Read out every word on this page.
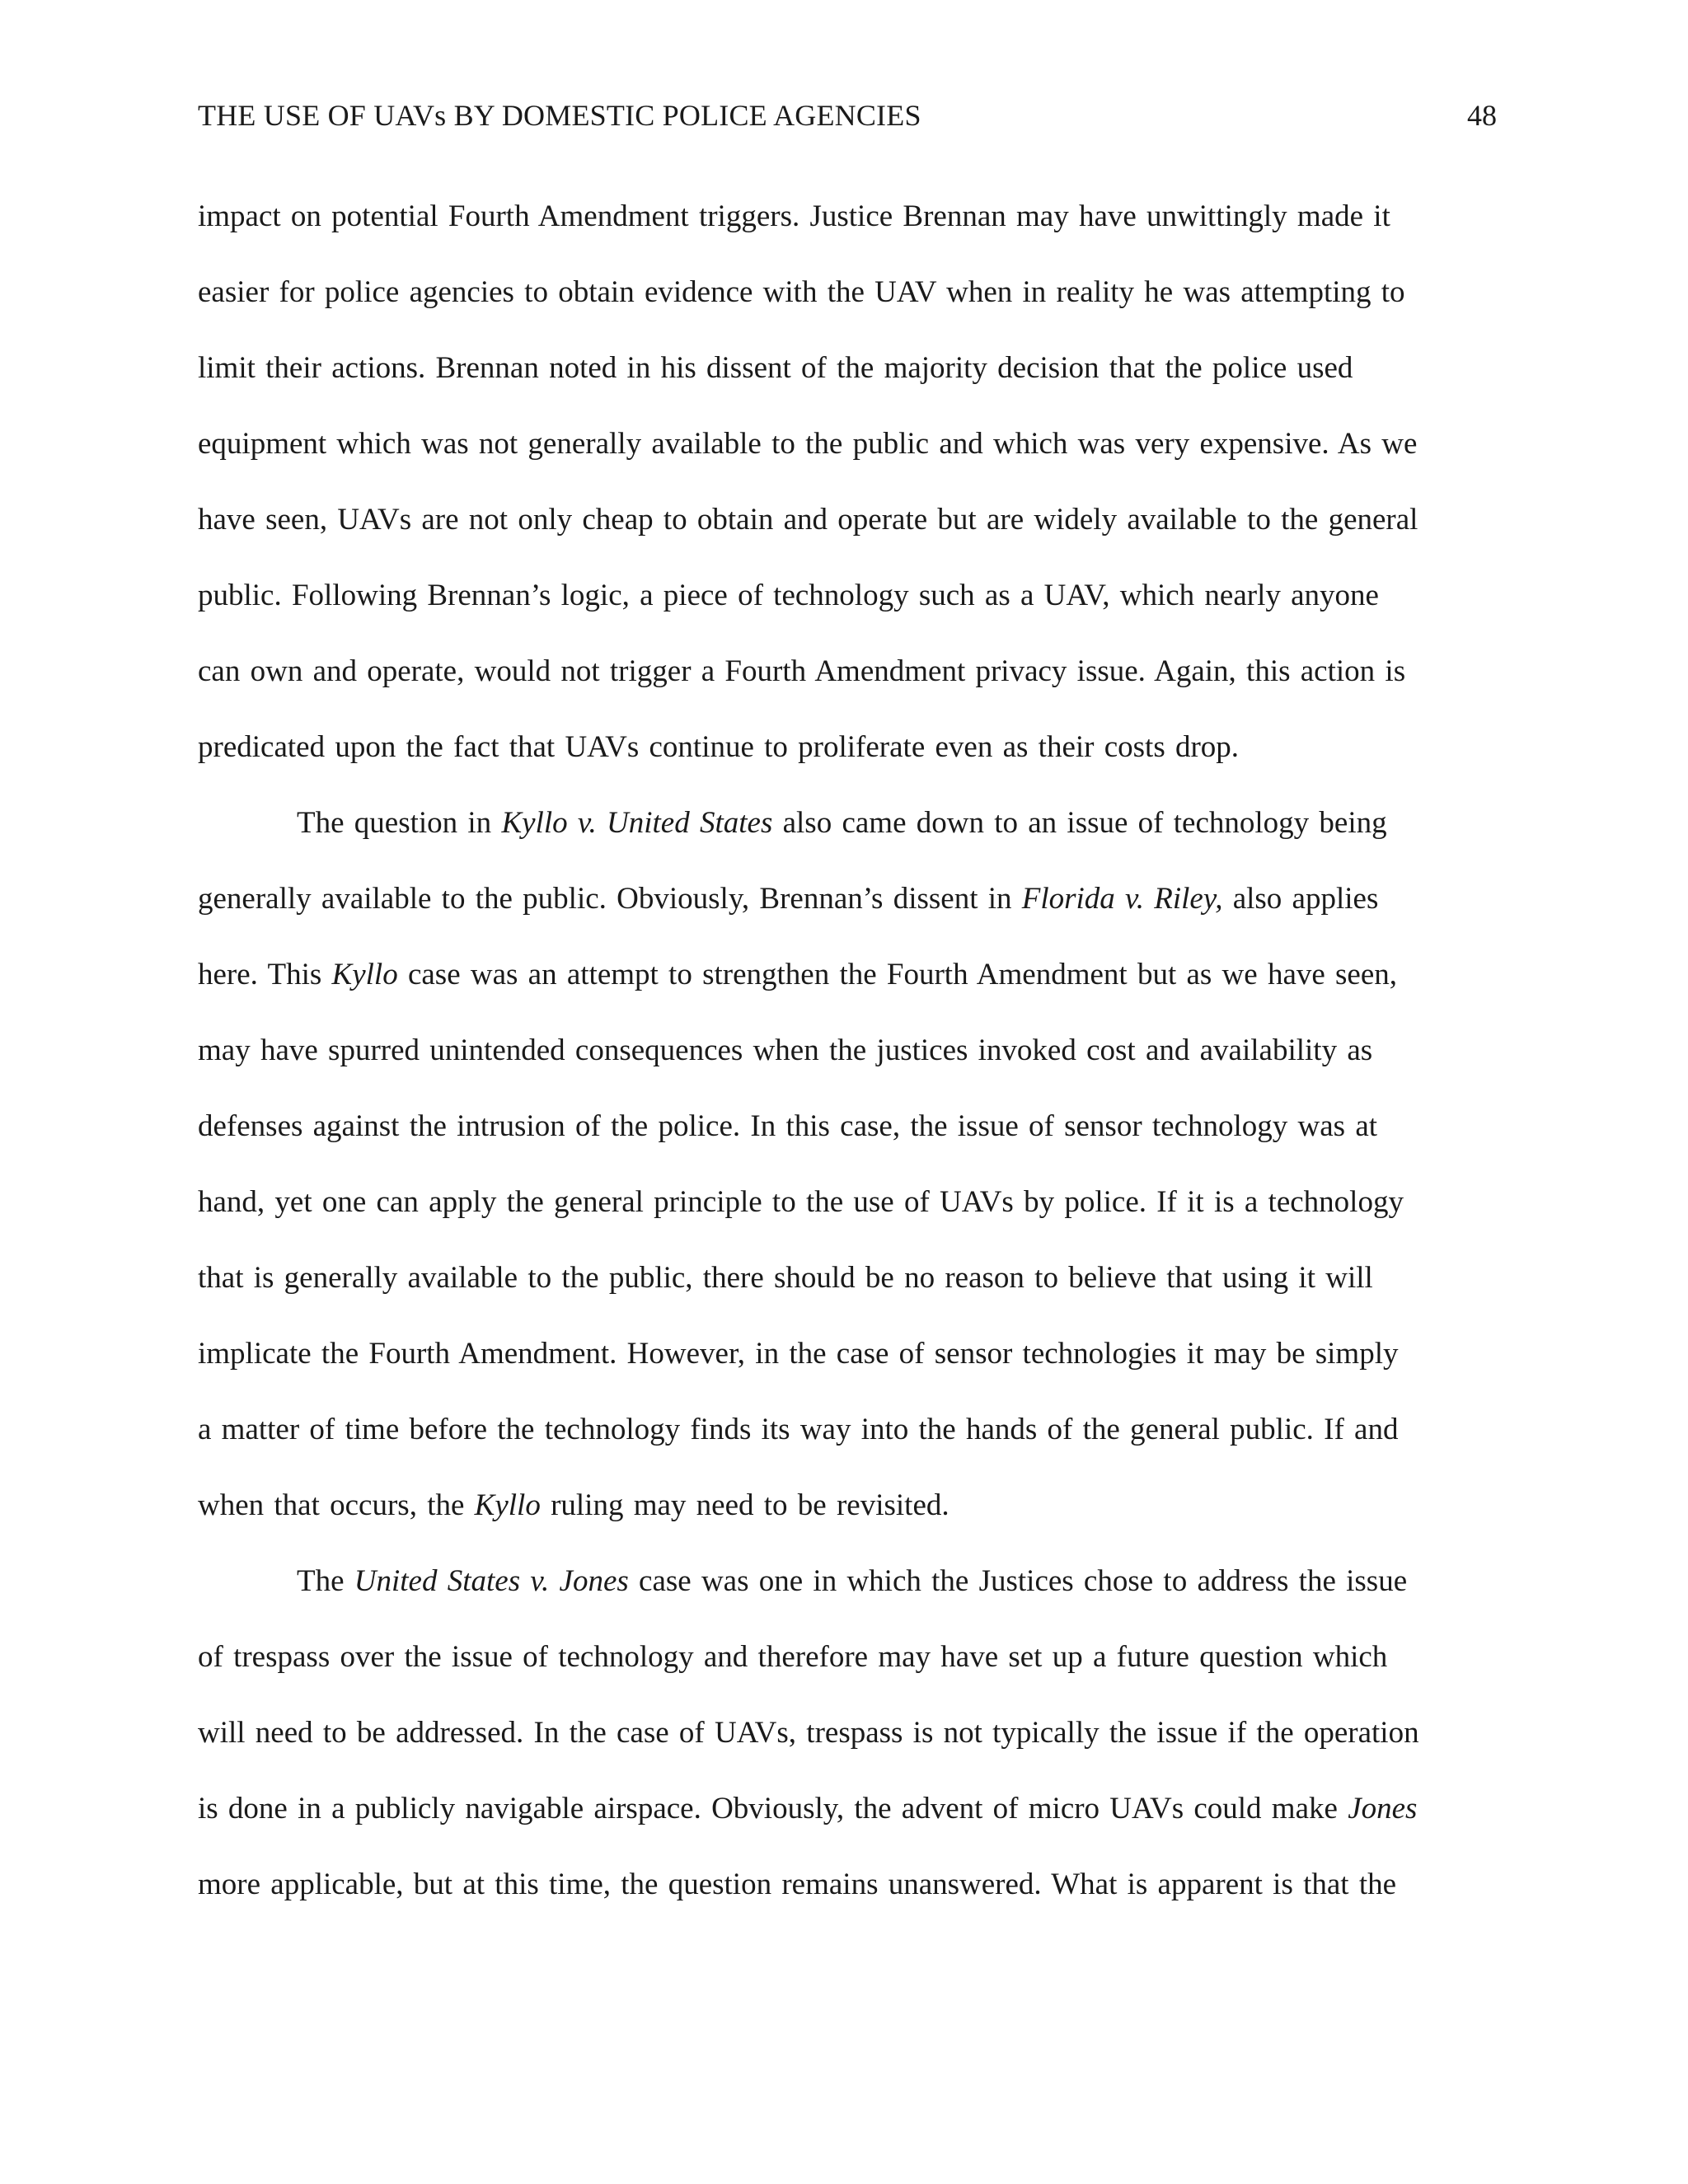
THE USE OF UAVs BY DOMESTIC POLICE AGENCIES	48
impact on potential Fourth Amendment triggers. Justice Brennan may have unwittingly made it
easier for police agencies to obtain evidence with the UAV when in reality he was attempting to
limit their actions. Brennan noted in his dissent of the majority decision that the police used
equipment which was not generally available to the public and which was very expensive. As we
have seen, UAVs are not only cheap to obtain and operate but are widely available to the general
public. Following Brennan’s logic, a piece of technology such as a UAV, which nearly anyone
can own and operate, would not trigger a Fourth Amendment privacy issue. Again, this action is
predicated upon the fact that UAVs continue to proliferate even as their costs drop.
The question in Kyllo v. United States also came down to an issue of technology being
generally available to the public. Obviously, Brennan’s dissent in Florida v. Riley, also applies
here. This Kyllo case was an attempt to strengthen the Fourth Amendment but as we have seen,
may have spurred unintended consequences when the justices invoked cost and availability as
defenses against the intrusion of the police. In this case, the issue of sensor technology was at
hand, yet one can apply the general principle to the use of UAVs by police. If it is a technology
that is generally available to the public, there should be no reason to believe that using it will
implicate the Fourth Amendment. However, in the case of sensor technologies it may be simply
a matter of time before the technology finds its way into the hands of the general public. If and
when that occurs, the Kyllo ruling may need to be revisited.
The United States v. Jones case was one in which the Justices chose to address the issue
of trespass over the issue of technology and therefore may have set up a future question which
will need to be addressed. In the case of UAVs, trespass is not typically the issue if the operation
is done in a publicly navigable airspace. Obviously, the advent of micro UAVs could make Jones
more applicable, but at this time, the question remains unanswered. What is apparent is that the
